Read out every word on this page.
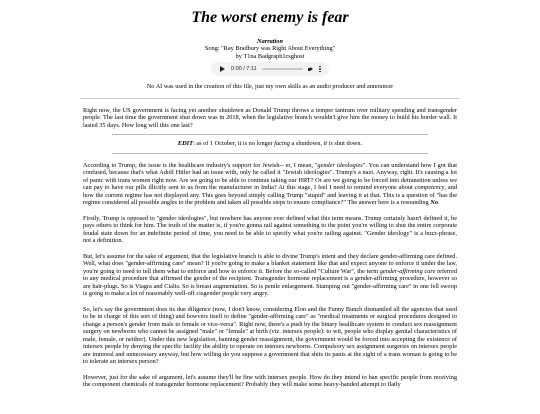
The worst enemy is fear
Narration
Song: "Ray Bradbury was Right About Everything"
by T1na Badgraph1csghost
0:00 / 7:11
No AI was used in the creation of this file, just my own skills as an audio producer and announcer

Right now, the US government is facing yet another shutdown as Donald Trump throws a temper tantrum over military spending and transgender people. The last time the government shut down was in 2018, when the legislative branch wouldn't give him the money to build his border wall. It lasted 35 days. How long will this one last?

EDIT: as of 1 October, it is no longer facing a shutdown, it is shut down.

According to Trump, the issue is the healthcare industry's support for Jewish-- er, I mean, "gender ideologies". You can understand how I got that confused, because that's what Adolf Hitler had an issue with, only he called it "Jewish ideologies". Trump's a nazi. Anyway, right. It's causing a lot of panic with trans women right now. Are we going to be able to continue taking our HRT? Or are we going to be forced into detransition unless we can pay to have our pills illicitly sent to us from the manufacturer in India? At this stage, I feel I need to remind everyone about competency, and how the current regime has not displayed any. This goes beyond simply calling Trump "stupid" and leaving it at that. This is a question of "has the regime considered all possible angles to the problem and taken all possible steps to ensure compliance?" The answer here is a resounding No.

Firstly, Trump is opposed to "gender ideologies", but nowhere has anyone ever defined what this term means. Trump certainly hasn't defined it, he pays others to think for him. The truth of the matter is, if you're gonna rail against something to the point you're willing to shut the entire corporate feudal state down for an indefinite period of time, you need to be able to specify what you're railing against. "Gender ideology" is a buzz-phrase, not a definition.

But, let's assume for the sake of argument, that the legislative branch is able to divine Trump's intent and they declare gender-affirming care defined. Well, what does "gender-affirming care" mean? If you're going to make a blanket statement like that and expect anyone to enforce it under the law, you're going to need to tell them what to enforce and how to enforce it. Before the so-called "Culture War", the term gender-affirming care referred to any medical procedure that affirmed the gender of the recipient. Transgender hormone replacement is a gender-affirming procedure, however so are hair-plugs. So is Viagra and Cialis. So is breast augmentation. So is penile enlargement. Stamping out "gender-affirming care" in one fell swoop is going to make a lot of reasonably well-off cisgender people very angry.

So, let's say the government does its due diligence (now, I don't know, considering Elon and the Funny Bunch dismantled all the agencies that used to be in charge of this sort of thing) and bowvers itself to define "gender-affirming care" as "medical treatments or surgical procedures designed to change a person's gender from male to female or vice-versa". Right now, there's a push by the binary healthcare system to conduct sex reassignment surgery on newborns who cannot be assigned "male" or "female" at birth (viz. intersex people): to wit, people who display genital characteristics of male, female, or neither). Under this new legislation, banning gender reassignment, the government would be forced into accepting the existence of intersex people by denying the specific facility the ability to operate on intersex newborns. Compulsory sex assignment surgeries on intersex people are immoral and unnecessary anyway, but how willing do you suppose a government that shits its pants at the sight of a trans woman is going to be to tolerate an intersex person?

However, just for the sake of argument, let's assume they'll be fine with intersex people. How do they intend to ban specific people from receiving the component chemicals of transgender hormone replacement? Probably they will make some heavy-handed attempt to flatly
